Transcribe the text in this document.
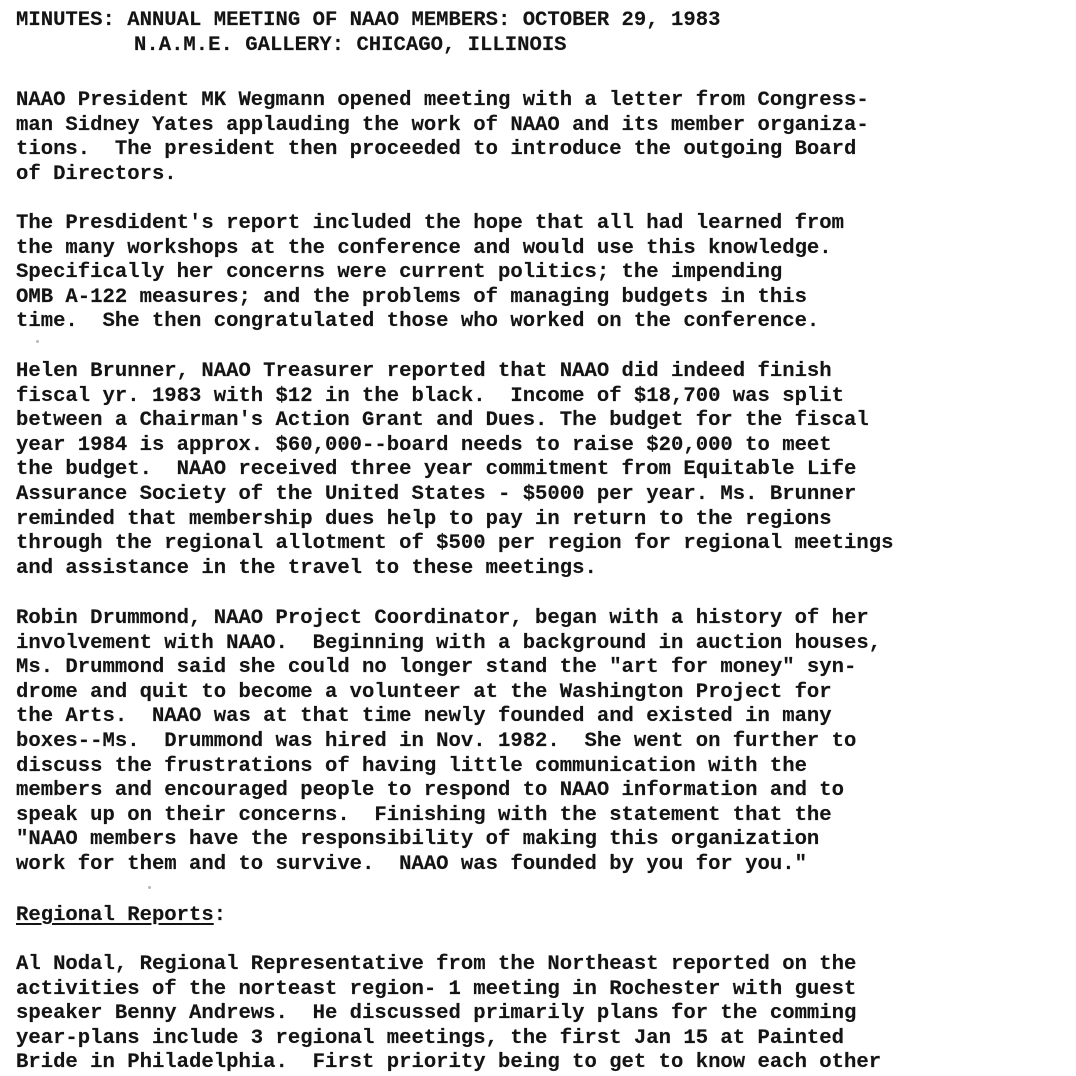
MINUTES: ANNUAL MEETING OF NAAO MEMBERS: OCTOBER 29, 1983
N.A.M.E. GALLERY: CHICAGO, ILLINOIS
NAAO President MK Wegmann opened meeting with a letter from Congress-
man Sidney Yates applauding the work of NAAO and its member organiza-
tions.  The president then proceeded to introduce the outgoing Board
of Directors.
The Presdident's report included the hope that all had learned from
the many workshops at the conference and would use this knowledge.
Specifically her concerns were current politics; the impending
OMB A-122 measures; and the problems of managing budgets in this
time.  She then congratulated those who worked on the conference.
Helen Brunner, NAAO Treasurer reported that NAAO did indeed finish
fiscal yr. 1983 with $12 in the black.  Income of $18,700 was split
between a Chairman's Action Grant and Dues. The budget for the fiscal
year 1984 is approx. $60,000--board needs to raise $20,000 to meet
the budget.  NAAO received three year commitment from Equitable Life
Assurance Society of the United States - $5000 per year. Ms. Brunner
reminded that membership dues help to pay in return to the regions
through the regional allotment of $500 per region for regional meetings
and assistance in the travel to these meetings.
Robin Drummond, NAAO Project Coordinator, began with a history of her
involvement with NAAO.  Beginning with a background in auction houses,
Ms. Drummond said she could no longer stand the "art for money" syn-
drome and quit to become a volunteer at the Washington Project for
the Arts.  NAAO was at that time newly founded and existed in many
boxes--Ms.  Drummond was hired in Nov. 1982.  She went on further to
discuss the frustrations of having little communication with the
members and encouraged people to respond to NAAO information and to
speak up on their concerns.  Finishing with the statement that the
"NAAO members have the responsibility of making this organization
work for them and to survive.  NAAO was founded by you for you."
Regional Reports:
Al Nodal, Regional Representative from the Northeast reported on the
activities of the norteast region- 1 meeting in Rochester with guest
speaker Benny Andrews.  He discussed primarily plans for the comming
year-plans include 3 regional meetings, the first Jan 15 at Painted
Bride in Philadelphia.  First priority being to get to know each other
